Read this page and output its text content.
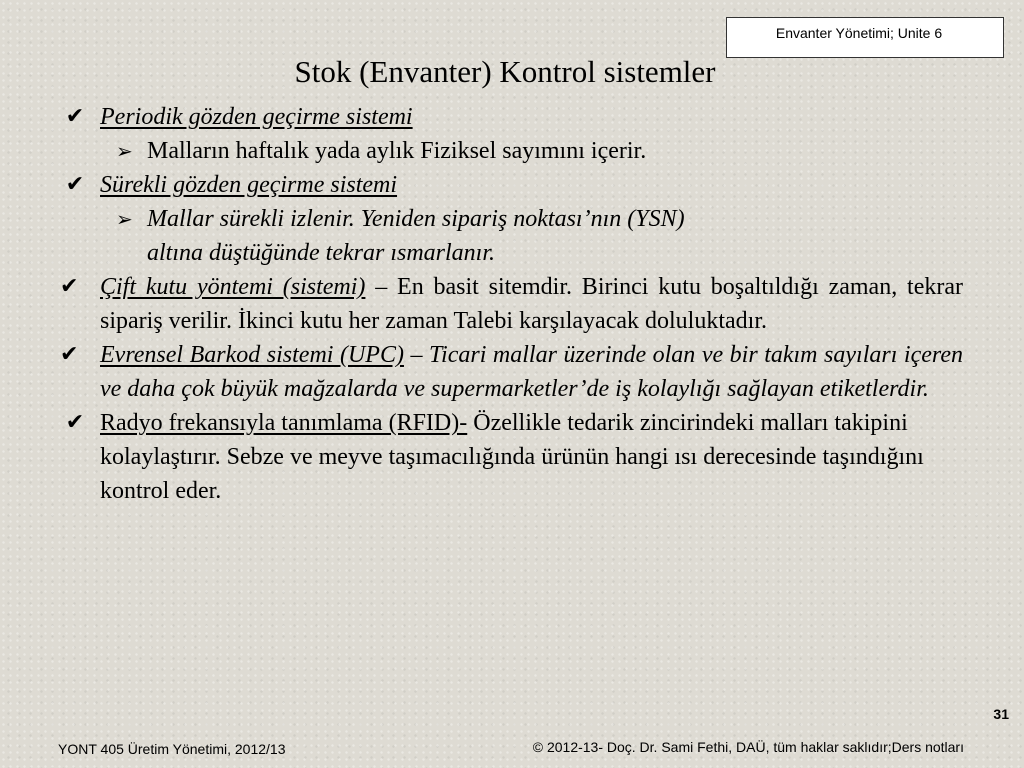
Envanter Yönetimi; Unite 6
Stok (Envanter) Kontrol sistemler
✔ Periodik gözden geçirme sistemi
➢ Malların haftalık yada aylık Fiziksel sayımını içerir.
✔ Sürekli gözden geçirme sistemi
➢ Mallar sürekli izlenir. Yeniden sipariş noktası’nın (YSN)
altına düştüğünde tekrar ısmarlanır.
✔ Çift kutu yöntemi (sistemi) – En basit sitemdir. Birinci kutu boşaltıldığı zaman, tekrar sipariş verilir. İkinci kutu her zaman Talebi karşılayacak doluluktadır.
✔ Evrensel Barkod sistemi (UPC) – Ticari mallar üzerinde olan ve bir takım sayıları içeren ve daha çok büyük mağzalarda ve supermarketler’de iş kolaylığı sağlayan etiketlerdir.
✔ Radyo frekansıyla tanımlama (RFID)- Özellikle tedarik zincirindeki malları takipini kolaylaştırır. Sebze ve meyve taşımacılığında ürünün hangi ısı derecesinde taşındığını kontrol eder.
31
YONT 405 Üretim Yönetimi, 2012/13	© 2012-13- Doç. Dr. Sami Fethi, DAÜ, tüm haklar saklıdır;Ders notları
